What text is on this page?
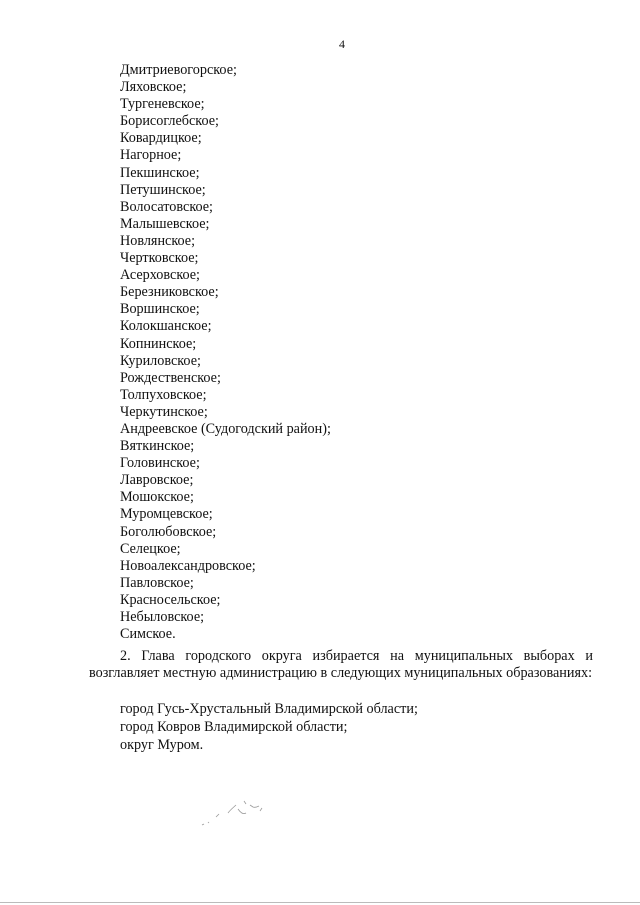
4
Дмитриевогорское;
Ляховское;
Тургеневское;
Борисоглебское;
Ковардицкое;
Нагорное;
Пекшинское;
Петушинское;
Волосатовское;
Малышевское;
Новлянское;
Чертковское;
Асерховское;
Березниковское;
Воршинское;
Колокшанское;
Копнинское;
Куриловское;
Рождественское;
Толпуховское;
Черкутинское;
Андреевское (Судогодский район);
Вяткинское;
Головинское;
Лавровское;
Мошокское;
Муромцевское;
Боголюбовское;
Селецкое;
Новоалександровское;
Павловское;
Красносельское;
Небыловское;
Симское.
2. Глава городского округа избирается на муниципальных выборах и возглавляет местную администрацию в следующих муниципальных образованиях:
город Гусь-Хрустальный Владимирской области;
город Ковров Владимирской области;
округ Муром.
